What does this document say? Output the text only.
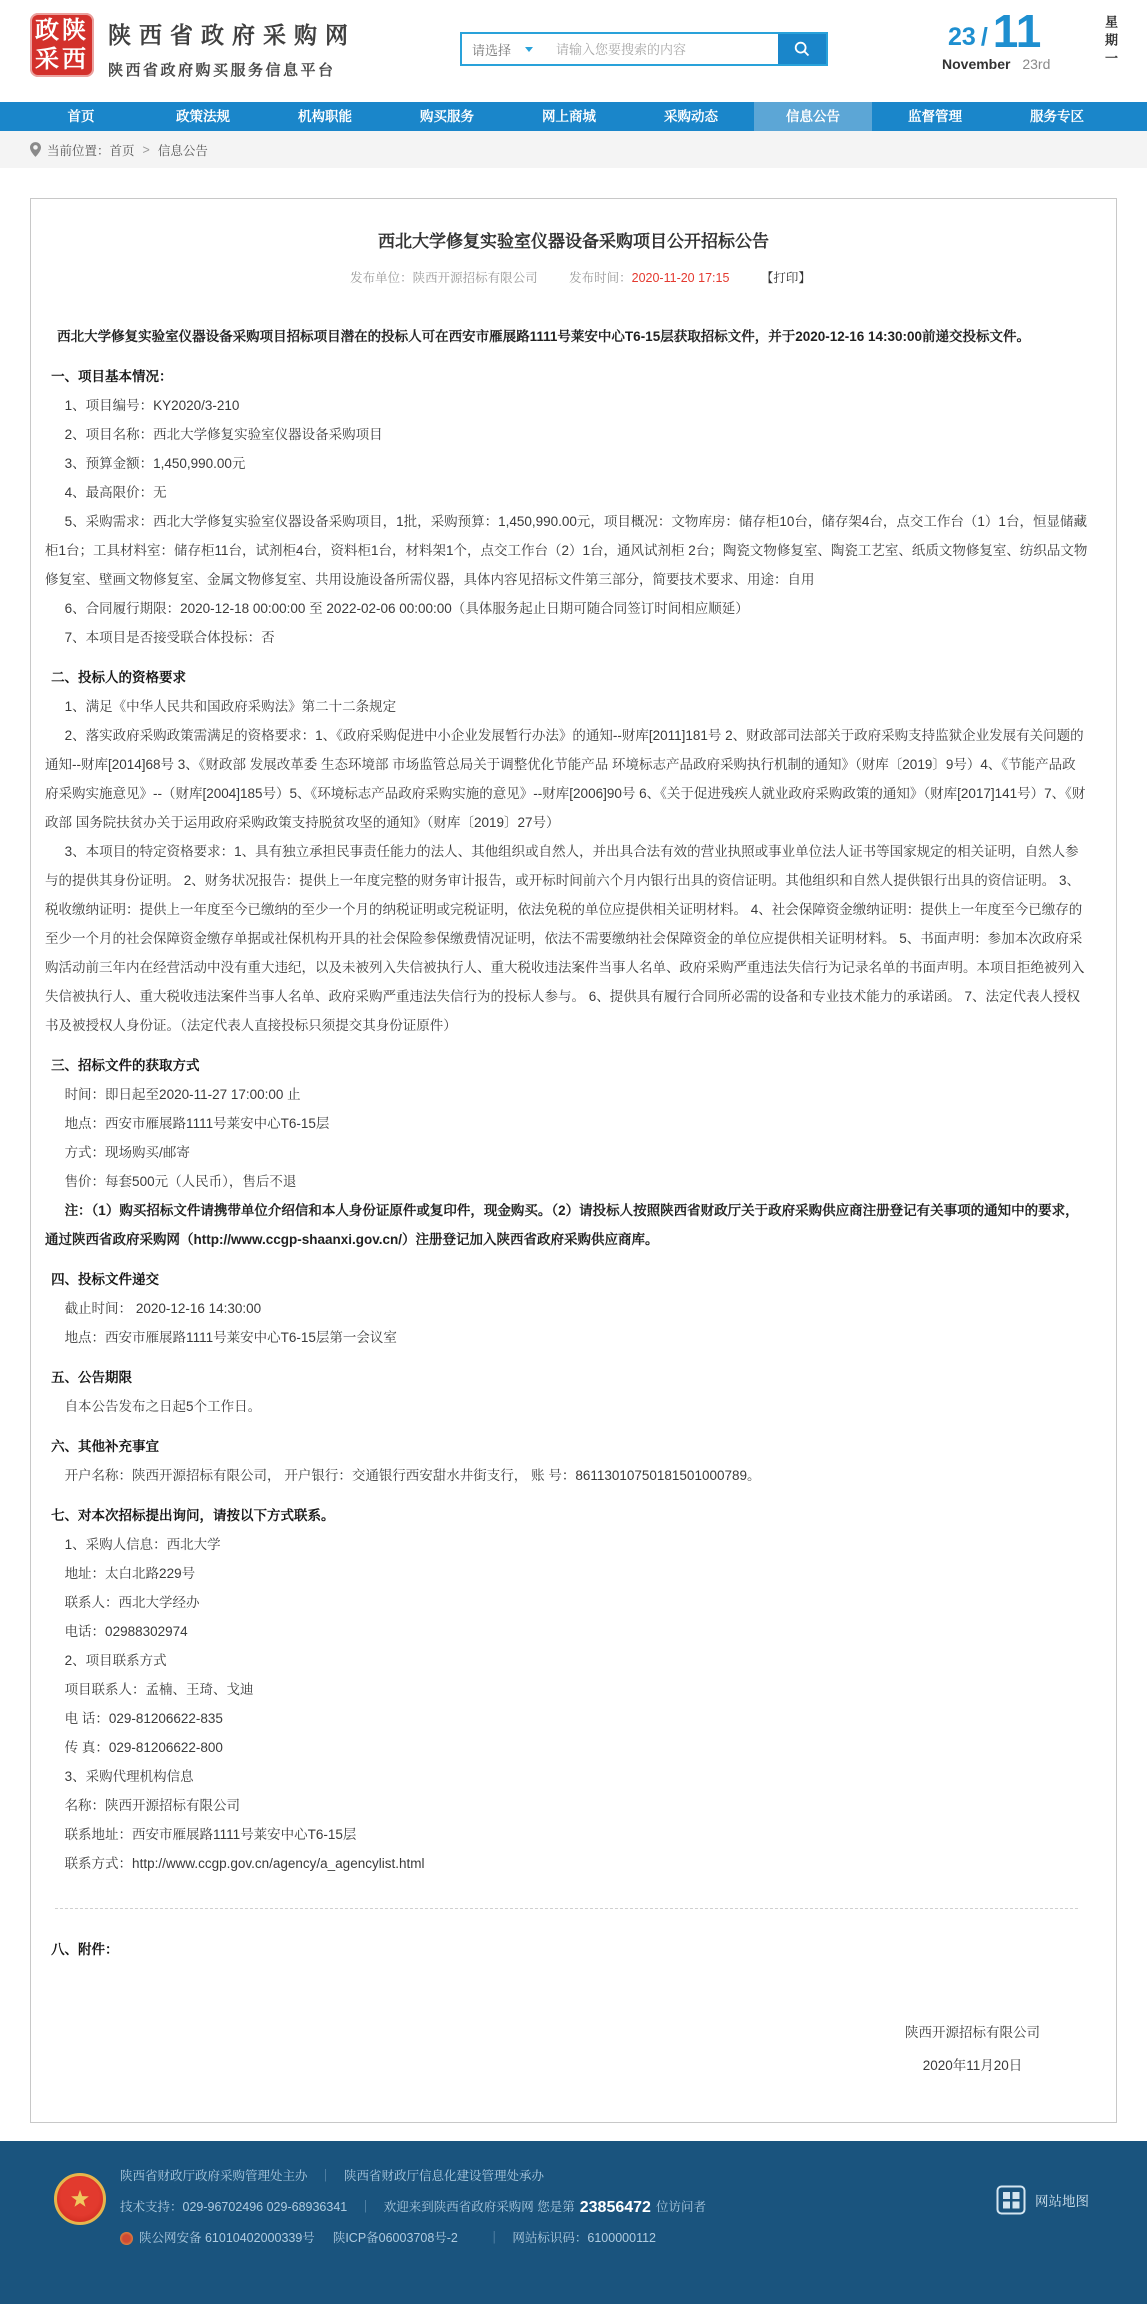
政陕
采西
陕西省政府采购网
陕西省政府购买服务信息平台
请选择
请输入您要搜索的内容	23 / 11
November 23rd	星期一
首页	政策法规	机构职能	购买服务	网上商城	采购动态	信息公告	监督管理	服务专区
当前位置： 首页 > 信息公告
西北大学修复实验室仪器设备采购项目公开招标公告
发布单位：陕西开源招标有限公司	发布时间：2020-11-20 17:15	【打印】

西北大学修复实验室仪器设备采购项目招标项目潜在的投标人可在西安市雁展路1111号莱安中心T6-15层获取招标文件，并于2020-12-16 14:30:00前递交投标文件。

一、项目基本情况：

1、项目编号：KY2020/3-210

2、项目名称：西北大学修复实验室仪器设备采购项目

3、预算金额：1,450,990.00元

4、最高限价：无

5、采购需求：西北大学修复实验室仪器设备采购项目，1批，采购预算：1,450,990.00元，项目概况：文物库房：储存柜10台，储存架4台，点交工作台（1）1台，恒显储藏柜1台；工具材料室：储存柜11台，试剂柜4台，资料柜1台，材料架1个，点交工作台（2）1台，通风试剂柜 2台；陶瓷文物修复室、陶瓷工艺室、纸质文物修复室、纺织品文物修复室、壁画文物修复室、金属文物修复室、共用设施设备所需仪器，具体内容见招标文件第三部分，简要技术要求、用途：自用

6、合同履行期限：2020-12-18 00:00:00 至 2022-02-06 00:00:00（具体服务起止日期可随合同签订时间相应顺延）

7、本项目是否接受联合体投标：否

二、投标人的资格要求

1、满足《中华人民共和国政府采购法》第二十二条规定

2、落实政府采购政策需满足的资格要求：1、《政府采购促进中小企业发展暂行办法》的通知--财库[2011]181号 2、财政部司法部关于政府采购支持监狱企业发展有关问题的通知--财库[2014]68号 3、《财政部 发展改革委 生态环境部 市场监管总局关于调整优化节能产品 环境标志产品政府采购执行机制的通知》（财库〔2019〕9号）4、《节能产品政府采购实施意见》--（财库[2004]185号）5、《环境标志产品政府采购实施的意见》--财库[2006]90号 6、《关于促进残疾人就业政府采购政策的通知》（财库[2017]141号）7、《财政部 国务院扶贫办关于运用政府采购政策支持脱贫攻坚的通知》（财库〔2019〕27号）

3、本项目的特定资格要求：1、具有独立承担民事责任能力的法人、其他组织或自然人，并出具合法有效的营业执照或事业单位法人证书等国家规定的相关证明，自然人参与的提供其身份证明。 2、财务状况报告：提供上一年度完整的财务审计报告，或开标时间前六个月内银行出具的资信证明。其他组织和自然人提供银行出具的资信证明。 3、税收缴纳证明：提供上一年度至今已缴纳的至少一个月的纳税证明或完税证明，依法免税的单位应提供相关证明材料。 4、社会保障资金缴纳证明：提供上一年度至今已缴存的至少一个月的社会保障资金缴存单据或社保机构开具的社会保险参保缴费情况证明，依法不需要缴纳社会保障资金的单位应提供相关证明材料。 5、书面声明：参加本次政府采购活动前三年内在经营活动中没有重大违纪，以及未被列入失信被执行人、重大税收违法案件当事人名单、政府采购严重违法失信行为记录名单的书面声明。本项目拒绝被列入失信被执行人、重大税收违法案件当事人名单、政府采购严重违法失信行为的投标人参与。 6、提供具有履行合同所必需的设备和专业技术能力的承诺函。 7、法定代表人授权书及被授权人身份证。（法定代表人直接投标只须提交其身份证原件）

三、招标文件的获取方式

时间：即日起至2020-11-27 17:00:00 止

地点：西安市雁展路1111号莱安中心T6-15层

方式：现场购买/邮寄

售价：每套500元（人民币），售后不退

注：（1）购买招标文件请携带单位介绍信和本人身份证原件或复印件，现金购买。（2）请投标人按照陕西省财政厅关于政府采购供应商注册登记有关事项的通知中的要求，通过陕西省政府采购网（http://www.ccgp-shaanxi.gov.cn/）注册登记加入陕西省政府采购供应商库。

四、投标文件递交

截止时间： 2020-12-16 14:30:00

地点：西安市雁展路1111号莱安中心T6-15层第一会议室

五、公告期限

自本公告发布之日起5个工作日。

六、其他补充事宜

开户名称：陕西开源招标有限公司， 开户银行：交通银行西安甜水井街支行， 账 号：86113010750181501000789。

七、对本次招标提出询问，请按以下方式联系。

1、采购人信息：西北大学

地址：太白北路229号

联系人：西北大学经办

电话：02988302974

2、项目联系方式

项目联系人：孟楠、王琦、戈迪

电 话：029-81206622-835

传 真：029-81206622-800

3、采购代理机构信息

名称：陕西开源招标有限公司

联系地址：西安市雁展路1111号莱安中心T6-15层

联系方式：http://www.ccgp.gov.cn/agency/a_agencylist.html

八、附件：

陕西开源招标有限公司
2020年11月20日
陕西省财政厅政府采购管理处主办 ｜ 陕西省财政厅信息化建设管理处承办
技术支持：029-96702496 029-68936341 ｜ 欢迎来到陕西省政府采购网 您是第 23856472 位访问者
陕公网安备 61010402000339号 陕ICP备06003708号-2 ｜ 网站标识码：6100000112
网站地图
